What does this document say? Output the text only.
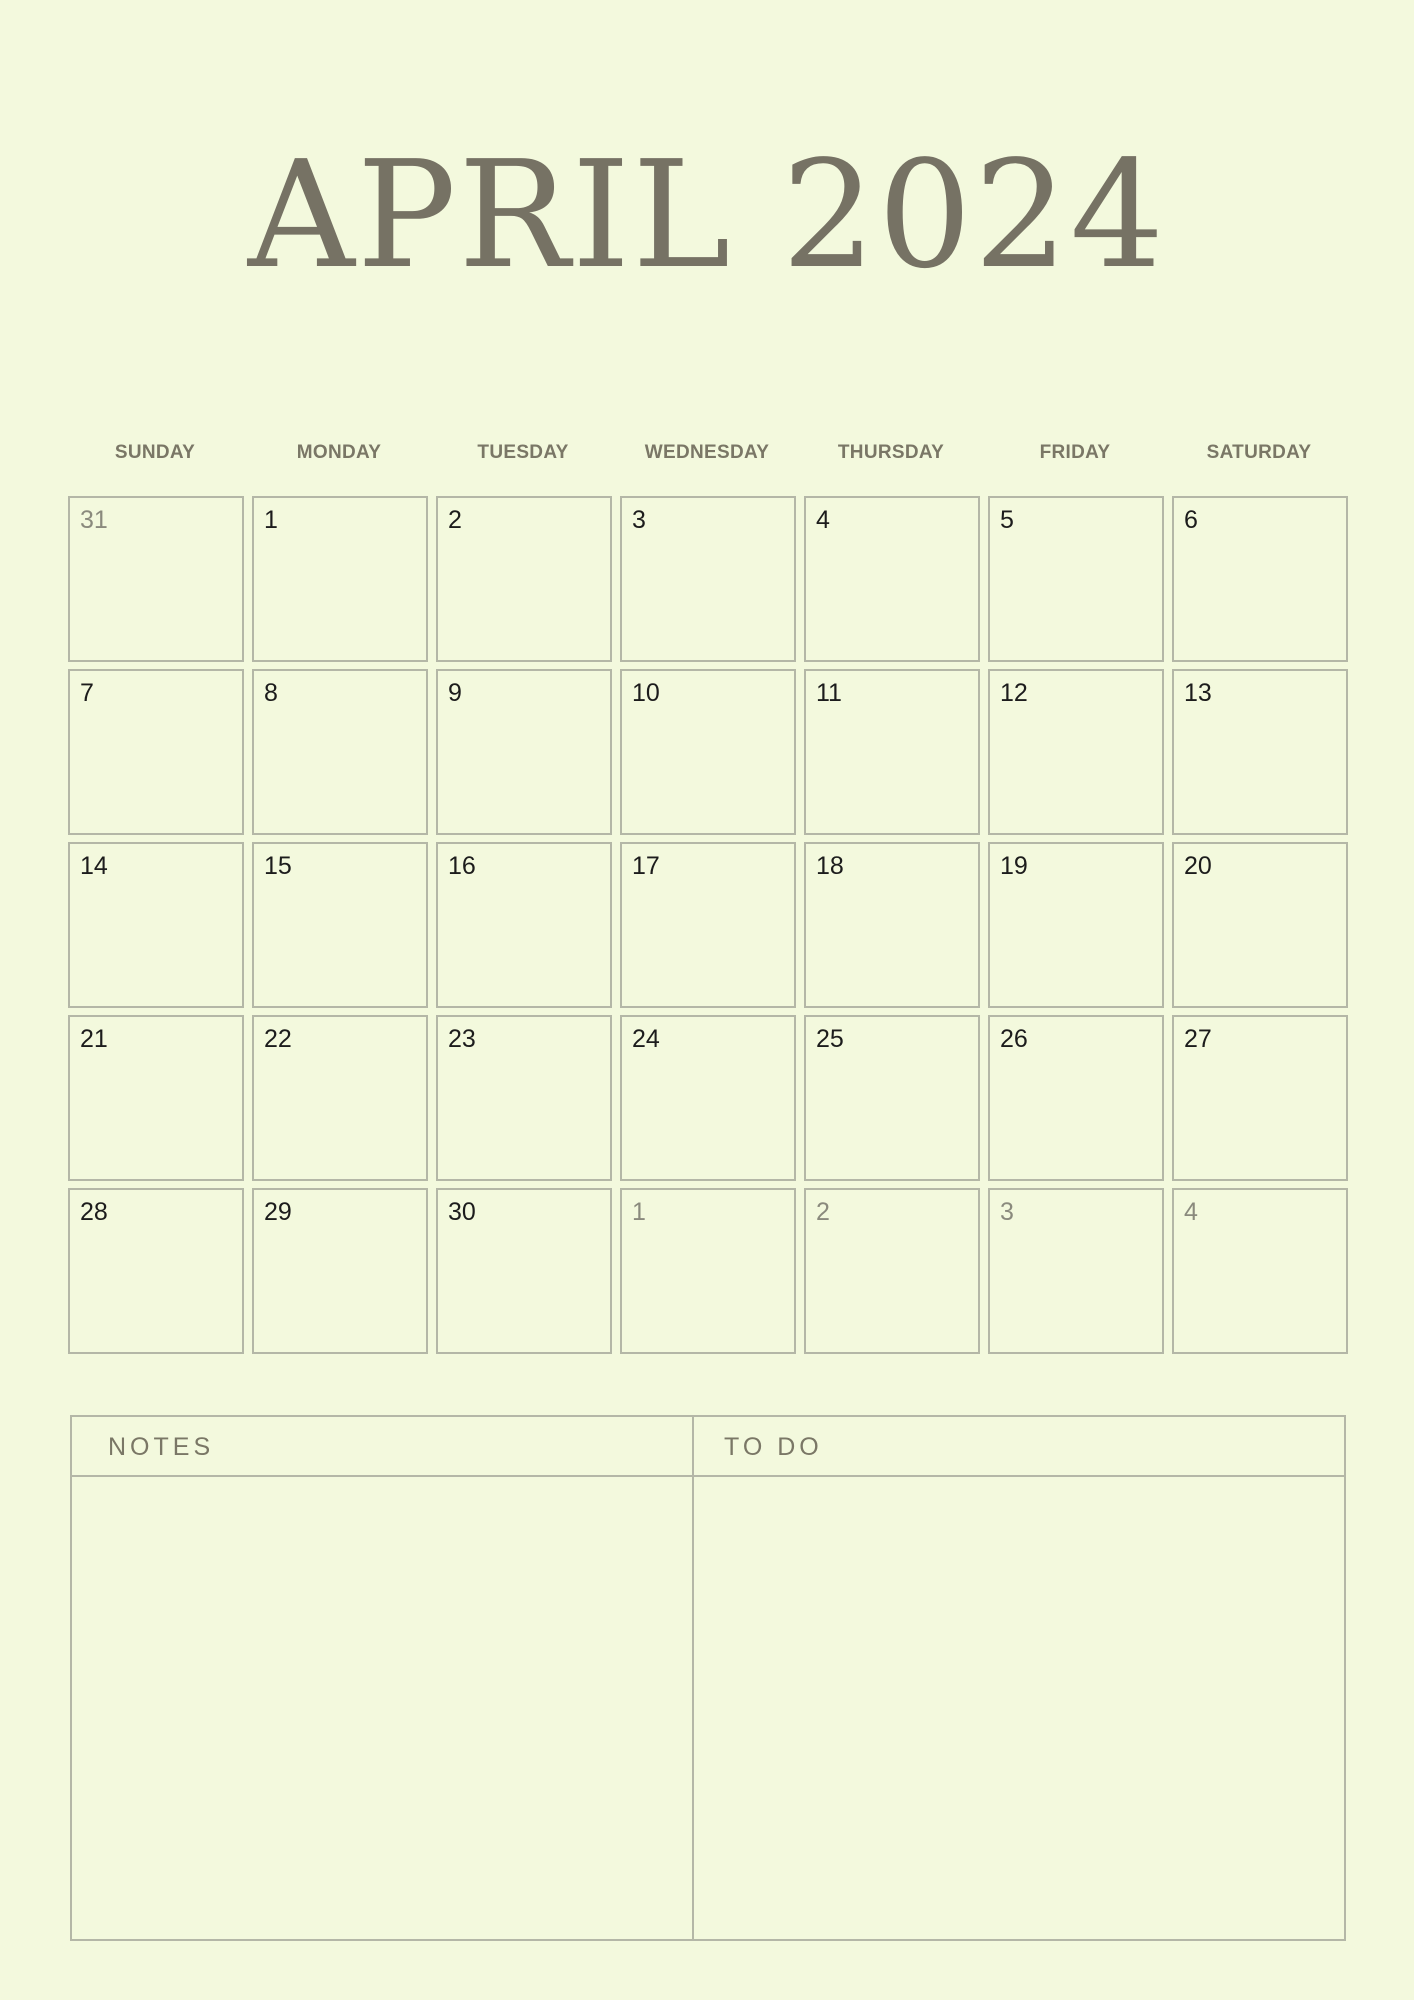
APRIL 2024
SUNDAY	MONDAY	TUESDAY	WEDNESDAY	THURSDAY	FRIDAY	SATURDAY
31	1	2	3	4	5	6
7	8	9	10	11	12	13
14	15	16	17	18	19	20
21	22	23	24	25	26	27
28	29	30	1	2	3	4
NOTES	TO DO
